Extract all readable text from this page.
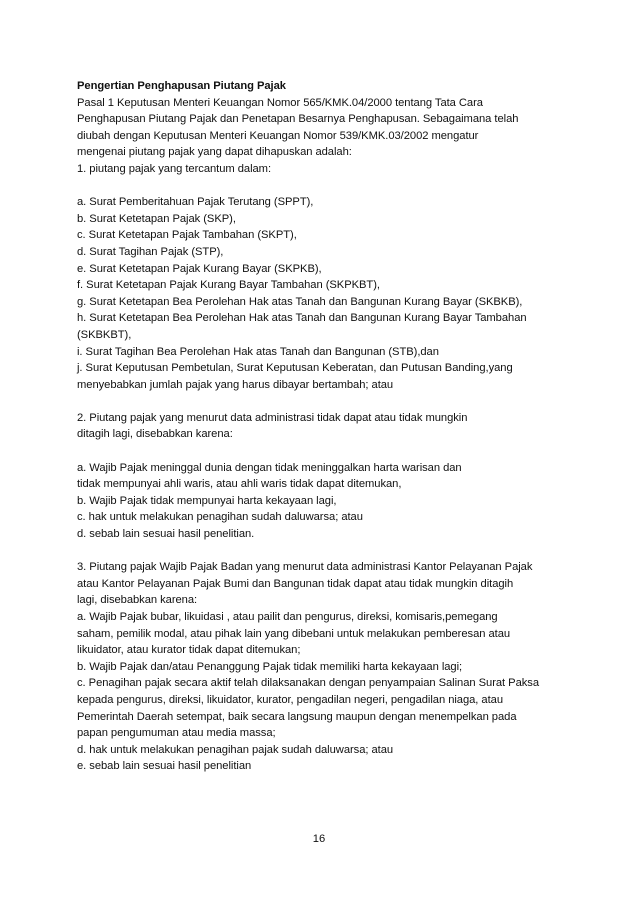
Pengertian Penghapusan Piutang Pajak
Pasal 1 Keputusan Menteri Keuangan Nomor 565/KMK.04/2000 tentang Tata Cara
Penghapusan Piutang Pajak dan Penetapan Besarnya Penghapusan. Sebagaimana telah
diubah dengan Keputusan Menteri Keuangan Nomor 539/KMK.03/2002 mengatur
mengenai piutang pajak yang dapat dihapuskan adalah:
1. piutang pajak yang tercantum dalam:
a. Surat Pemberitahuan Pajak Terutang (SPPT),
b. Surat Ketetapan Pajak (SKP),
c. Surat Ketetapan Pajak Tambahan (SKPT),
d. Surat Tagihan Pajak (STP),
e. Surat Ketetapan Pajak Kurang Bayar (SKPKB),
f. Surat Ketetapan Pajak Kurang Bayar Tambahan (SKPKBT),
g. Surat Ketetapan Bea Perolehan Hak atas Tanah dan Bangunan Kurang Bayar (SKBKB),
h. Surat Ketetapan Bea Perolehan Hak atas Tanah dan Bangunan Kurang Bayar Tambahan
(SKBKBT),
i. Surat Tagihan Bea Perolehan Hak atas Tanah dan Bangunan (STB),dan
j. Surat Keputusan Pembetulan, Surat Keputusan Keberatan, dan Putusan Banding,yang
menyebabkan jumlah pajak yang harus dibayar bertambah; atau
2. Piutang pajak yang menurut data administrasi tidak dapat atau tidak mungkin
ditagih lagi, disebabkan karena:
a. Wajib Pajak meninggal dunia dengan tidak meninggalkan harta warisan dan
tidak mempunyai ahli waris, atau ahli waris tidak dapat ditemukan,
b. Wajib Pajak tidak mempunyai harta kekayaan lagi,
c. hak untuk melakukan penagihan sudah daluwarsa; atau
d. sebab lain sesuai hasil penelitian.
3. Piutang pajak Wajib Pajak Badan yang menurut data administrasi Kantor Pelayanan Pajak
atau Kantor Pelayanan Pajak Bumi dan Bangunan tidak dapat atau tidak mungkin ditagih
lagi, disebabkan karena:
a. Wajib Pajak bubar, likuidasi , atau pailit dan pengurus, direksi, komisaris,pemegang
saham, pemilik modal, atau pihak lain yang dibebani untuk melakukan pemberesan atau
likuidator, atau kurator tidak dapat ditemukan;
b. Wajib Pajak dan/atau Penanggung Pajak tidak memiliki harta kekayaan lagi;
c. Penagihan pajak secara aktif telah dilaksanakan dengan penyampaian Salinan Surat Paksa
kepada pengurus, direksi, likuidator, kurator, pengadilan negeri, pengadilan niaga, atau
Pemerintah Daerah setempat, baik secara langsung maupun dengan menempelkan pada
papan pengumuman atau media massa;
d. hak untuk melakukan penagihan pajak sudah daluwarsa; atau
e. sebab lain sesuai hasil penelitian
16
